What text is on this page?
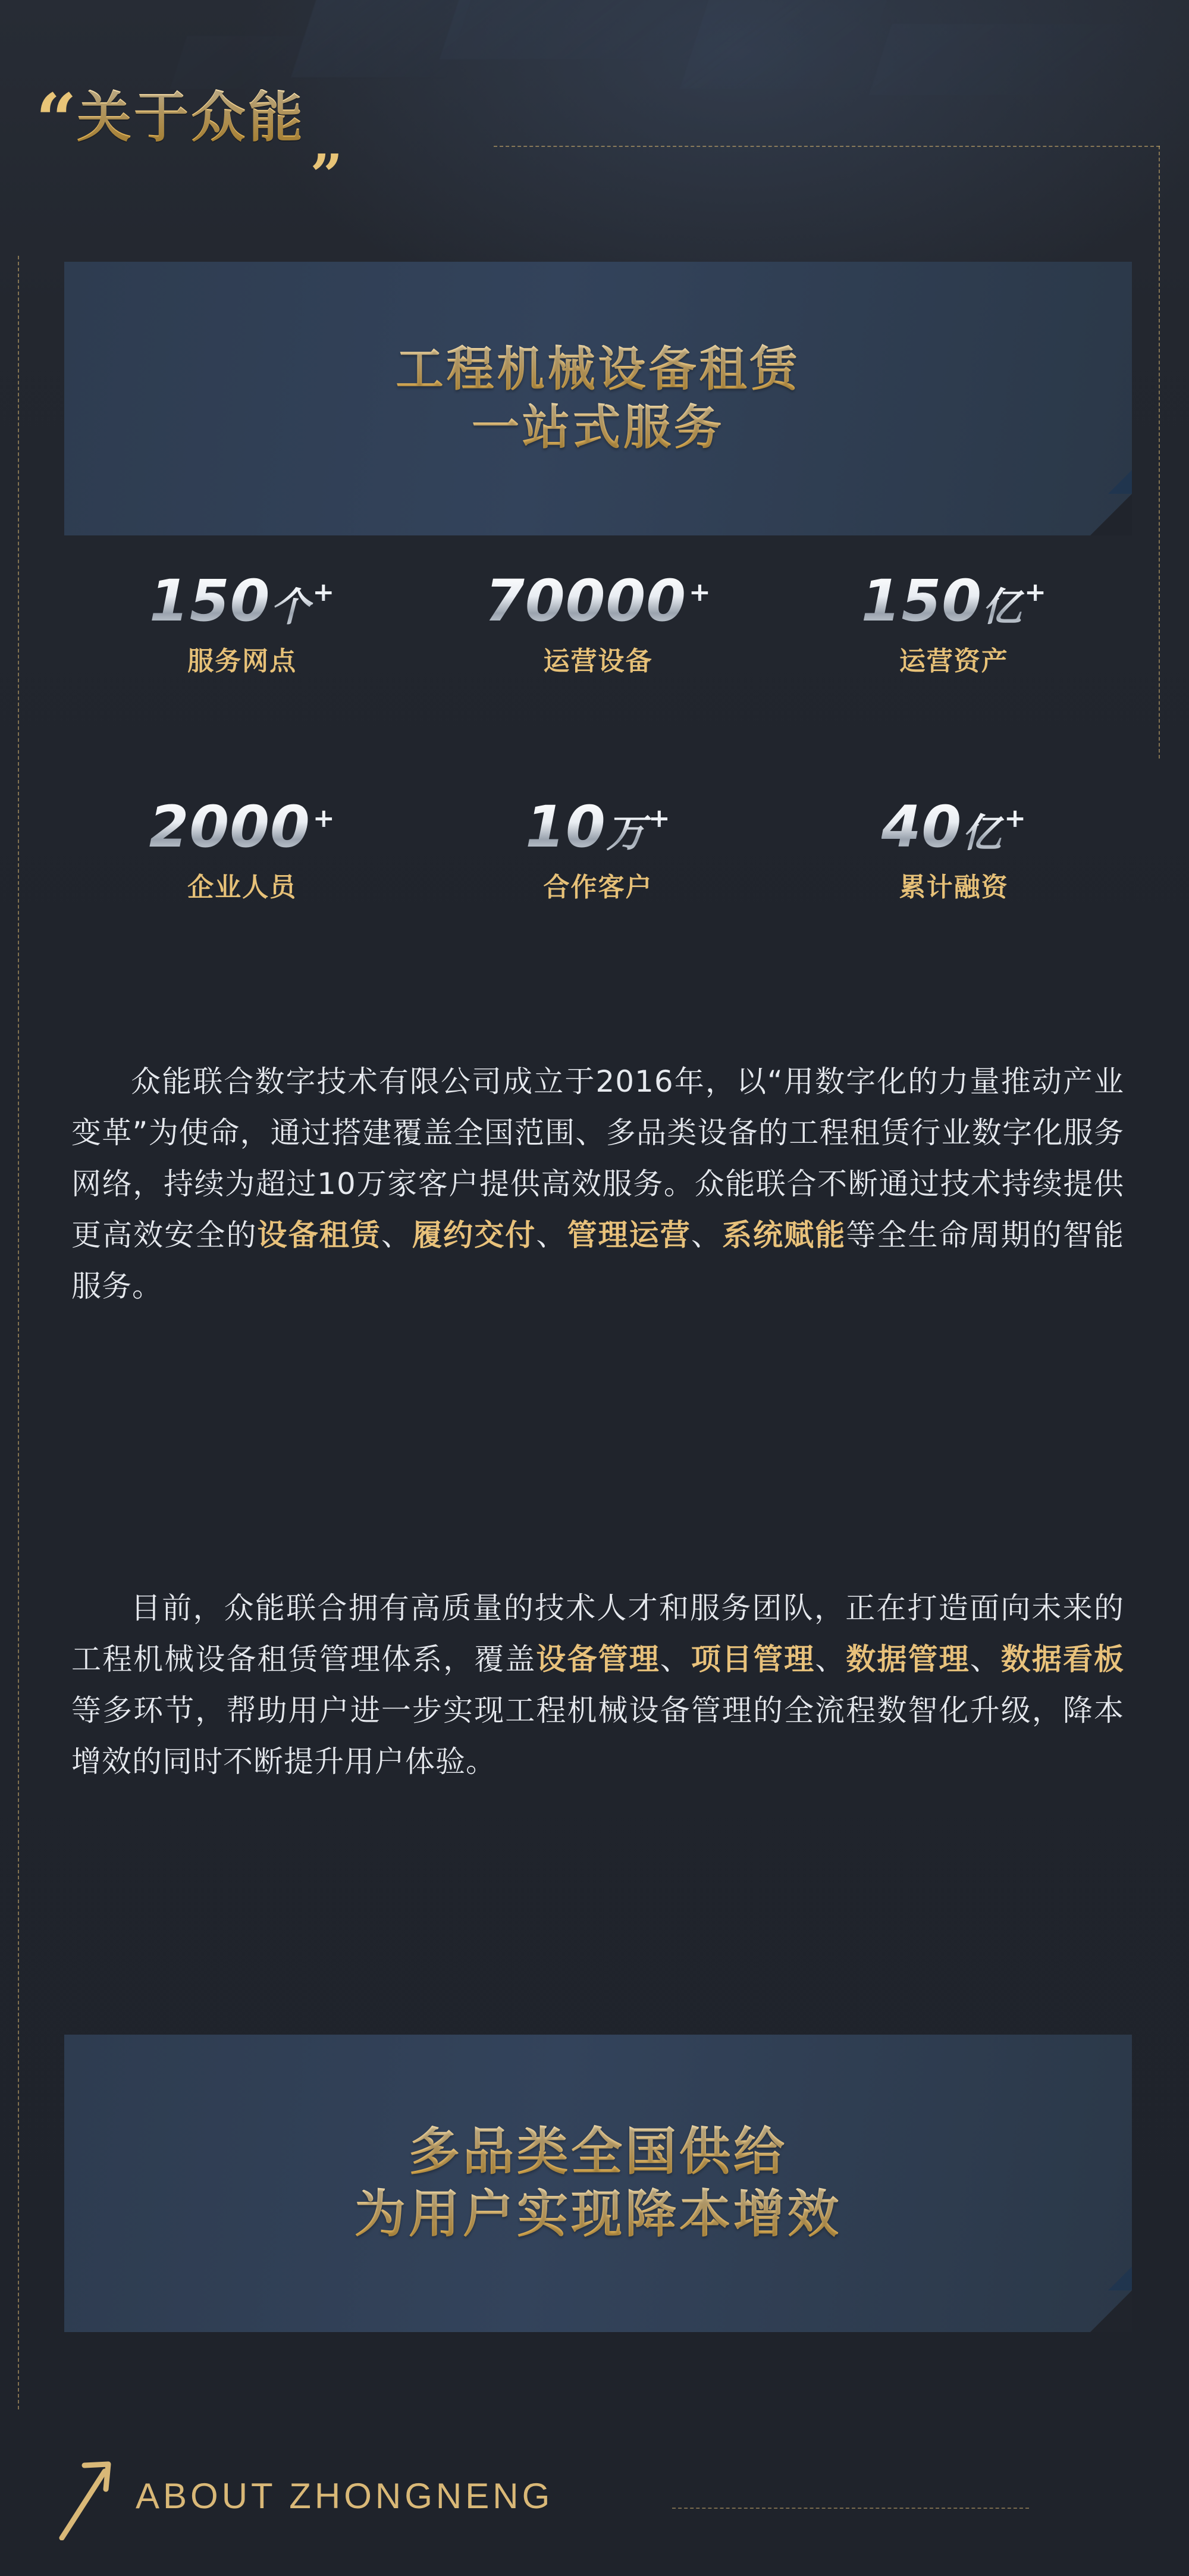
“ 关于众能 „
工程机械设备租赁
一站式服务
150个+
服务网点
70000+
运营设备
150亿+
运营资产
2000+
企业人员
10万+
合作客户
40亿+
累计融资

众能联合数字技术有限公司成立于2016年，以“用数字化的力量推动产业变革”为使命，通过搭建覆盖全国范围、多品类设备的工程租赁行业数字化服务网络，持续为超过10万家客户提供高效服务。众能联合不断通过技术持续提供更高效安全的设备租赁、履约交付、管理运营、系统赋能等全生命周期的智能服务。

目前，众能联合拥有高质量的技术人才和服务团队，正在打造面向未来的工程机械设备租赁管理体系，覆盖设备管理、项目管理、数据管理、数据看板等多环节，帮助用户进一步实现工程机械设备管理的全流程数智化升级，降本增效的同时不断提升用户体验。

多品类全国供给
为用户实现降本增效
ABOUT ZHONGNENG
